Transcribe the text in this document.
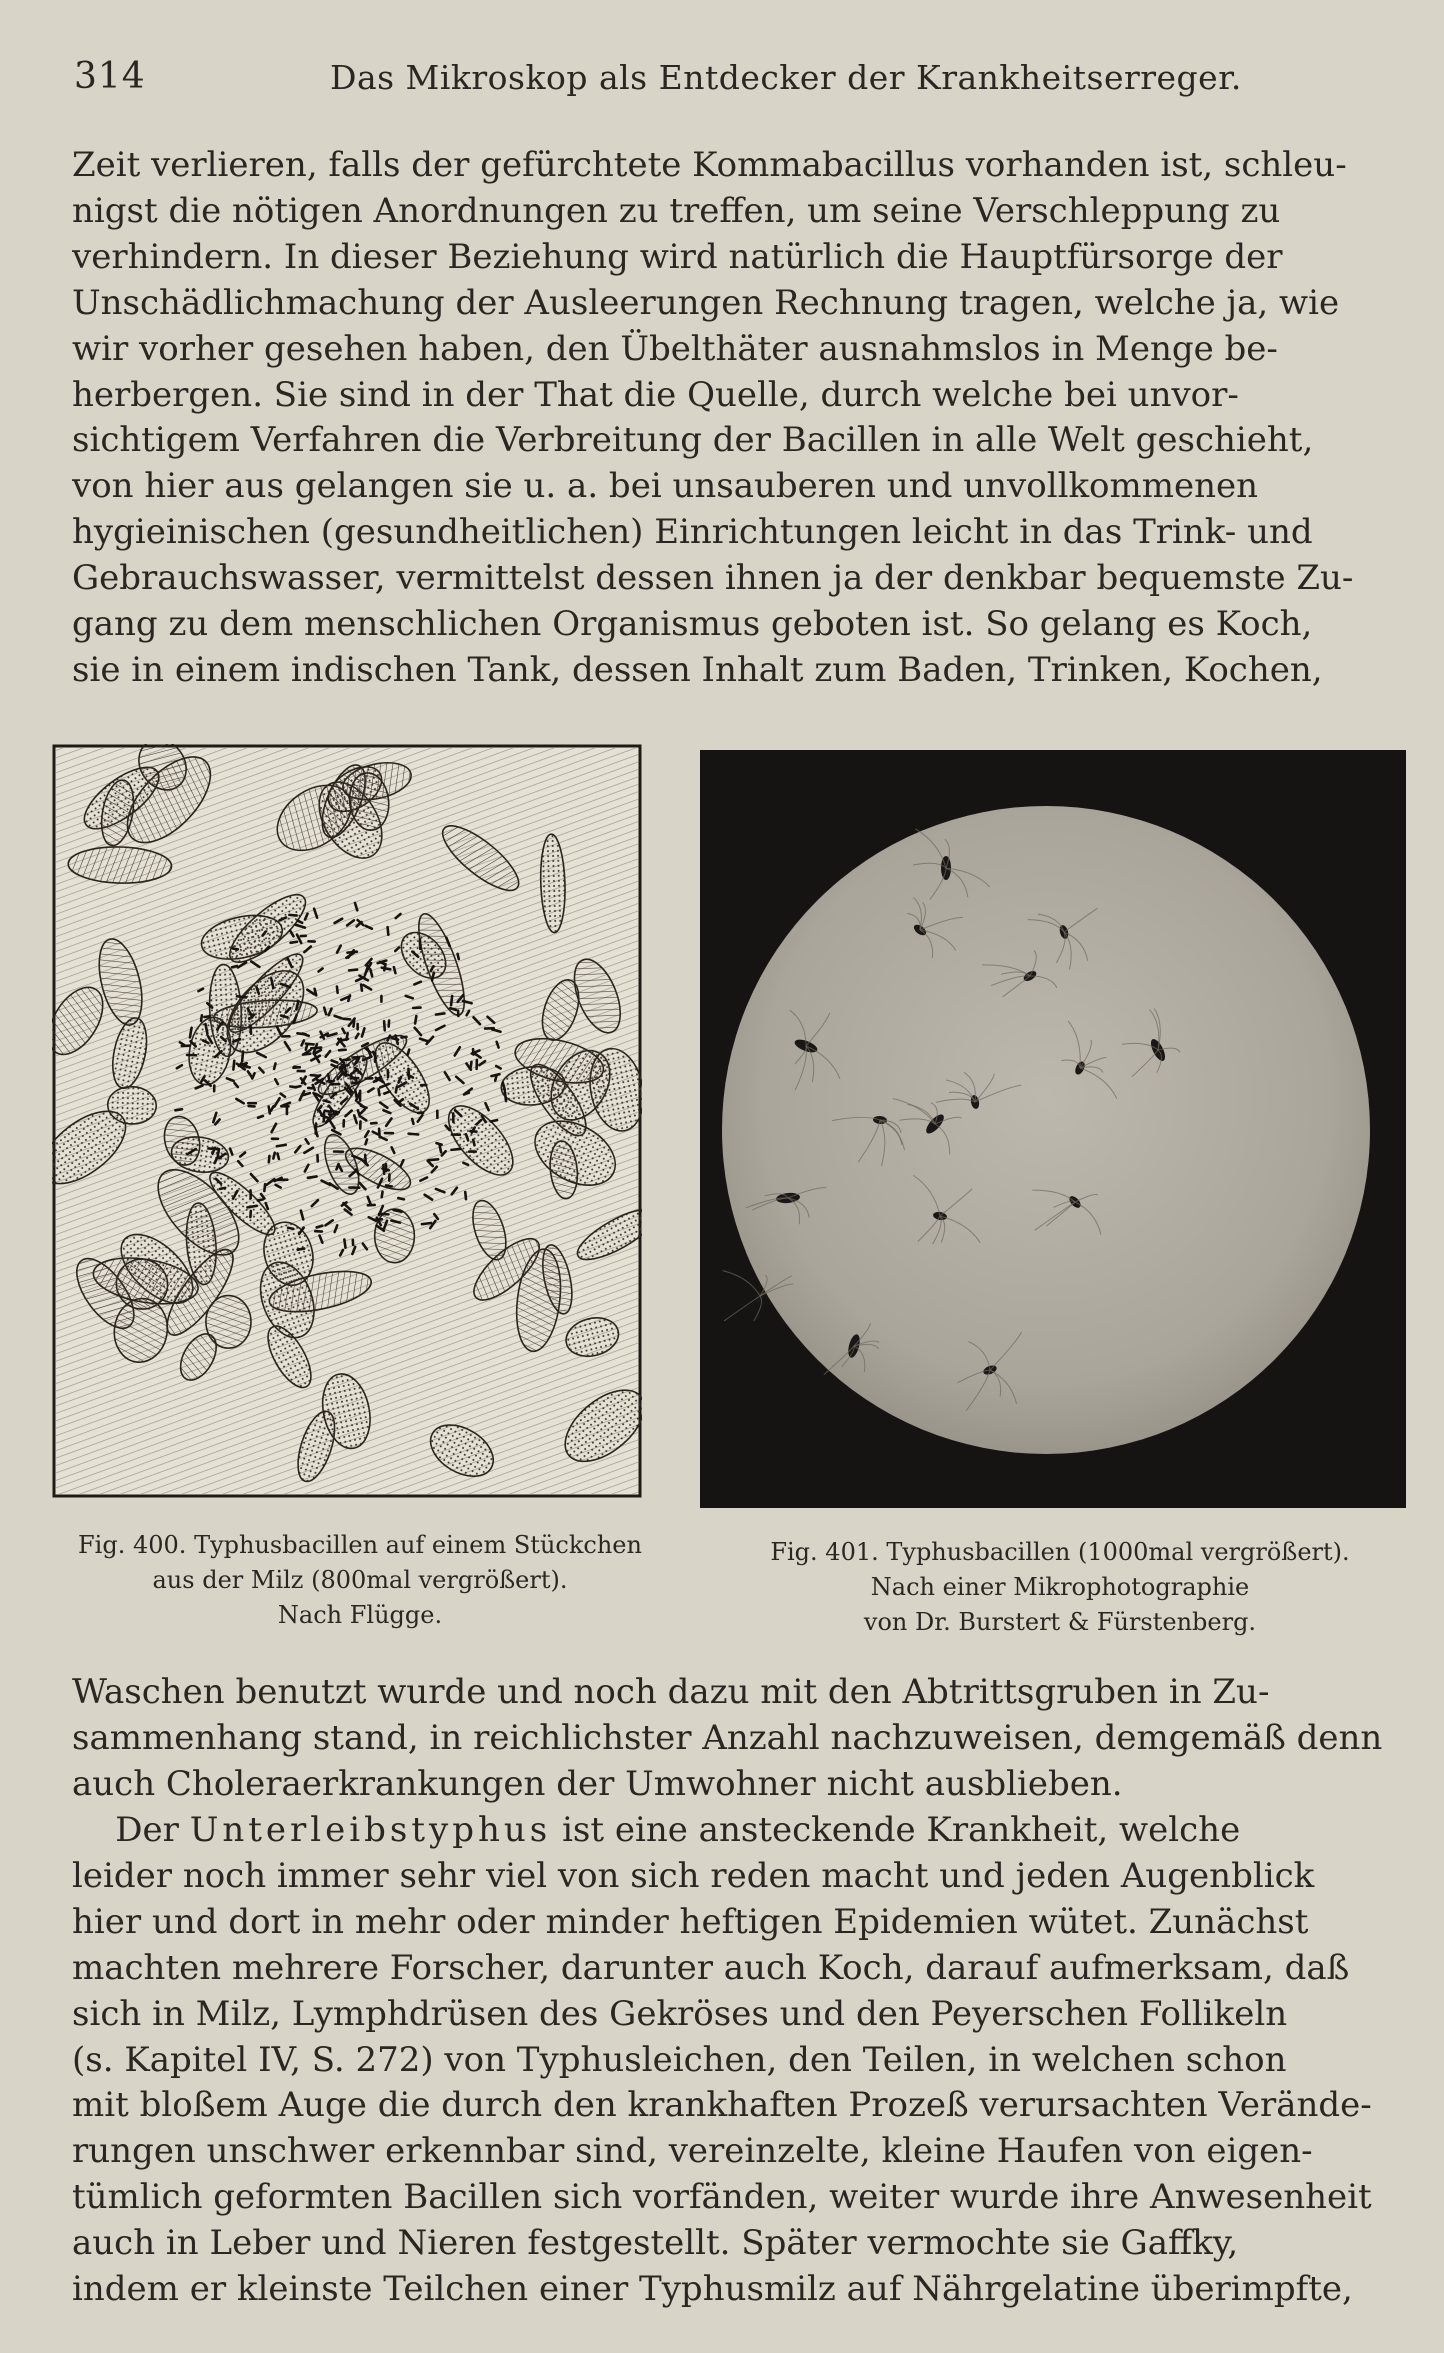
314	Das Mikroskop als Entdecker der Krankheitserreger.
Zeit verlieren, falls der gefürchtete Kommabacillus vorhanden ist, schleu-
nigst die nötigen Anordnungen zu treffen, um seine Verschleppung zu
verhindern. In dieser Beziehung wird natürlich die Hauptfürsorge der
Unschädlichmachung der Ausleerungen Rechnung tragen, welche ja, wie
wir vorher gesehen haben, den Übelthäter ausnahmslos in Menge be-
herbergen. Sie sind in der That die Quelle, durch welche bei unvor-
sichtigem Verfahren die Verbreitung der Bacillen in alle Welt geschieht,
von hier aus gelangen sie u. a. bei unsauberen und unvollkommenen
hygieinischen (gesundheitlichen) Einrichtungen leicht in das Trink- und
Gebrauchswasser, vermittelst dessen ihnen ja der denkbar bequemste Zu-
gang zu dem menschlichen Organismus geboten ist. So gelang es Koch,
sie in einem indischen Tank, dessen Inhalt zum Baden, Trinken, Kochen,
Fig. 400. Typhusbacillen auf einem Stückchen
aus der Milz (800mal vergrößert).
Nach Flügge.
Fig. 401. Typhusbacillen (1000mal vergrößert).
Nach einer Mikrophotographie
von Dr. Burstert & Fürstenberg.
Waschen benutzt wurde und noch dazu mit den Abtrittsgruben in Zu-
sammenhang stand, in reichlichster Anzahl nachzuweisen, demgemäß denn
auch Choleraerkrankungen der Umwohner nicht ausblieben.
Der Unterleibstyphus ist eine ansteckende Krankheit, welche
leider noch immer sehr viel von sich reden macht und jeden Augenblick
hier und dort in mehr oder minder heftigen Epidemien wütet. Zunächst
machten mehrere Forscher, darunter auch Koch, darauf aufmerksam, daß
sich in Milz, Lymphdrüsen des Gekröses und den Peyerschen Follikeln
(s. Kapitel IV, S. 272) von Typhusleichen, den Teilen, in welchen schon
mit bloßem Auge die durch den krankhaften Prozeß verursachten Verände-
rungen unschwer erkennbar sind, vereinzelte, kleine Haufen von eigen-
tümlich geformten Bacillen sich vorfänden, weiter wurde ihre Anwesenheit
auch in Leber und Nieren festgestellt. Später vermochte sie Gaffky,
indem er kleinste Teilchen einer Typhusmilz auf Nährgelatine überimpfte,
